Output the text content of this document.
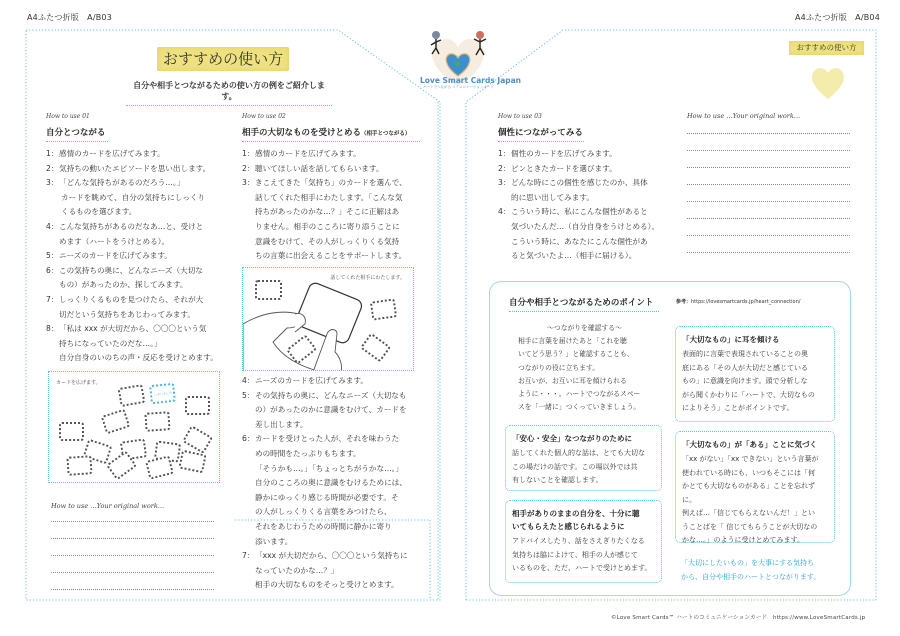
A4ふたつ折版　A/B03	A4ふたつ折版　A/B04
おすすめの使い方
自分や相手とつながるための使い方の例をご紹介します。
Love Smart Cards Japan
ハートでつながる コミュニケーションカード
おすすめの使い方
How to use 01
自分とつながる
1： 感情のカードを広げてみます。
2： 気持ちの動いたエピソードを思い出します。
3： 「どんな気持ちがあるのだろう…。」
カードを眺めて、自分の気持ちにしっくり
くるものを選びます。
4： こんな気持ちがあるのだなあ…と、受けと
めます（ハートをうけとめる）。
5： ニーズのカードを広げてみます。
6： この気持ちの奥に、どんなニーズ（大切な
もの）があったのか、探してみます。
7： しっくりくるものを見つけたら、それが大
切だという気持ちをあじわってみます。
8： 「私は xxx が大切だから、〇〇〇という気
持ちになっていたのだな…。」
自分自身のいのちの声・反応を受けとめます。
カードを広げます。
いきいきした
How to use …Your original work…
How to use 02
相手の大切なものを受けとめる（相手とつながる）
1： 感情のカードを広げてみます。
2： 聴いてほしい話を話してもらいます。
3： きこえてきた「気持ち」のカードを選んで、
話してくれた相手にわたします。「こんな気
持ちがあったのかな…？」そこに正解はあ
りません。相手のこころに寄り添うことに
意識をむけて、その人がしっくりくる気持
ちの言葉に出会えることをサポートします。
話してくれた相手にわたします。
4： ニーズのカードを広げてみます。
5： その気持ちの奥に、どんなニーズ（大切なも
の）があったのかに意識をむけて、カードを
差し出します。
6： カードを受けとった人が、それを味わうた
めの時間をたっぷりもちます。
「そうかも…。」「ちょっとちがうかな…。」
自分のこころの奥に意識をむけるためには、
静かにゆっくり感じる時間が必要です。そ
の人がしっくりくる言葉をみつけたら、
それをあじわうための時間に静かに寄り
添います。
7： 「xxx が大切だから、〇〇〇という気持ちに
なっていたのかな…？」
相手の大切なものをそっと受けとめます。
How to use 03
個性につながってみる
1： 個性のカードを広げてみます。
2： ピンときたカードを選びます。
3： どんな時にこの個性を感じたのか、具体
的に思い出してみます。
4： こういう時に、私にこんな個性があると
気づいたんだ…（自分自身をうけとめる）。
こういう時に、あなたにこんな個性があ
ると気づいたよ…（相手に届ける）。
How to use …Your original work…
自分や相手とつながるためのポイント	参考：https://lovesmartcards.jp/heart_connection/
～つながりを確認する～

相手に言葉を届けたあと「これを聴
いてどう思う？」と確認することも、
つながりの役に立ちます。
お互いが、お互いに耳を傾けられる
ように・・・。ハートでつながるスペー
スを「一緒に」つくっていきましょう。

「安心・安全」なつながりのために

話してくれた個人的な話は、とても大切な
この場だけの話です。この場以外では共
有しないことを確認します。

相手がありのままの自分を、十分に聴
いてもらえたと感じられるように

アドバイスしたり、話をさえぎりたくなる
気持ちは脇によけて、相手の人が感じて
いるものを、ただ、ハートで受けとめます。

「大切なもの」に耳を傾ける

表面的に言葉で表現されていることの奥
底にある「その人が大切だと感じている
もの」に意識を向けます。頭で分析しな
がら聞くかわりに「ハートで、大切なもの
によりそう」ことがポイントです。

「大切なもの」が「ある」ことに気づく

「xx がない」「xx できない」という言葉が
使われている時にも、いつもそこには「何
かとても大切なものがある」ことを忘れずに。
例えば…「信じてもらえないんだ！」とい
うことばを「 信じてもらうことが大切なの
かな…。」のように受けとめてみます。

「大切にしたいもの」を大事にする気持ち
から、自分や相手のハートとつながります。
©Love Smart Cards™ ハートのコミュニケーションカード　https://www.LoveSmartCards.jp
